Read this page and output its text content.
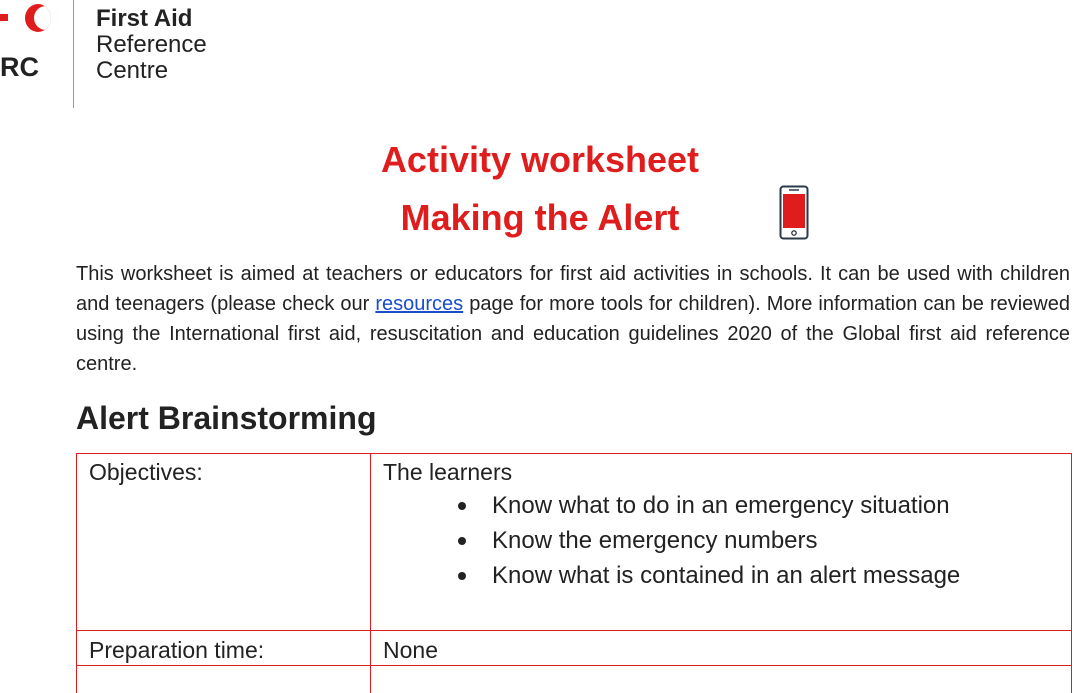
RC
First Aid
Reference
Centre
Activity worksheet
Making the Alert

This worksheet is aimed at teachers or educators for first aid activities in schools. It can be used with children and teenagers (please check our resources page for more tools for children). More information can be reviewed using the International first aid, resuscitation and education guidelines 2020 of the Global first aid reference centre.

Alert Brainstorming
Objectives:	The learners
Know what to do in an emergency situation
Know the emergency numbers
Know what is contained in an alert message
Preparation time:	None
